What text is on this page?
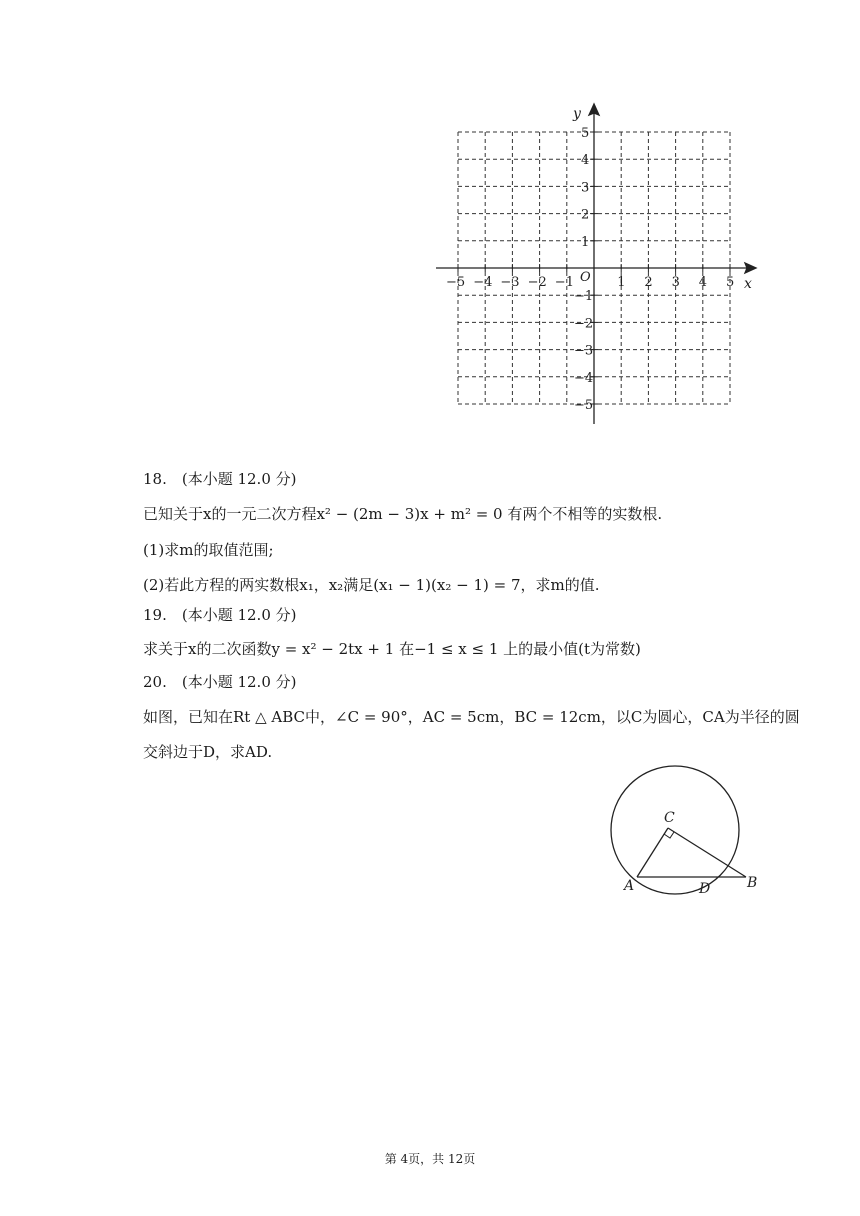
−5 −4 −3 −2 −1	1 2 3 4 5
5
4
3
2
1
−1
−2
−3
−4
−5
x
y
O
18.　(本小题 12.0 分)
已知关于x的一元二次方程x² − (2m − 3)x + m² = 0 有两个不相等的实数根.
(1)求m的取值范围;
(2)若此方程的两实数根x₁，x₂满足(x₁ − 1)(x₂ − 1) = 7，求m的值.
19.　(本小题 12.0 分)
求关于x的二次函数y = x² − 2tx + 1 在−1 ≤ x ≤ 1 上的最小值(t为常数)
20.　(本小题 12.0 分)
如图，已知在Rt △ ABC中，∠C = 90°，AC = 5cm，BC = 12cm，以C为圆心，CA为半径的圆
交斜边于D，求AD.
C
A	D	B
第 4页，共 12页
